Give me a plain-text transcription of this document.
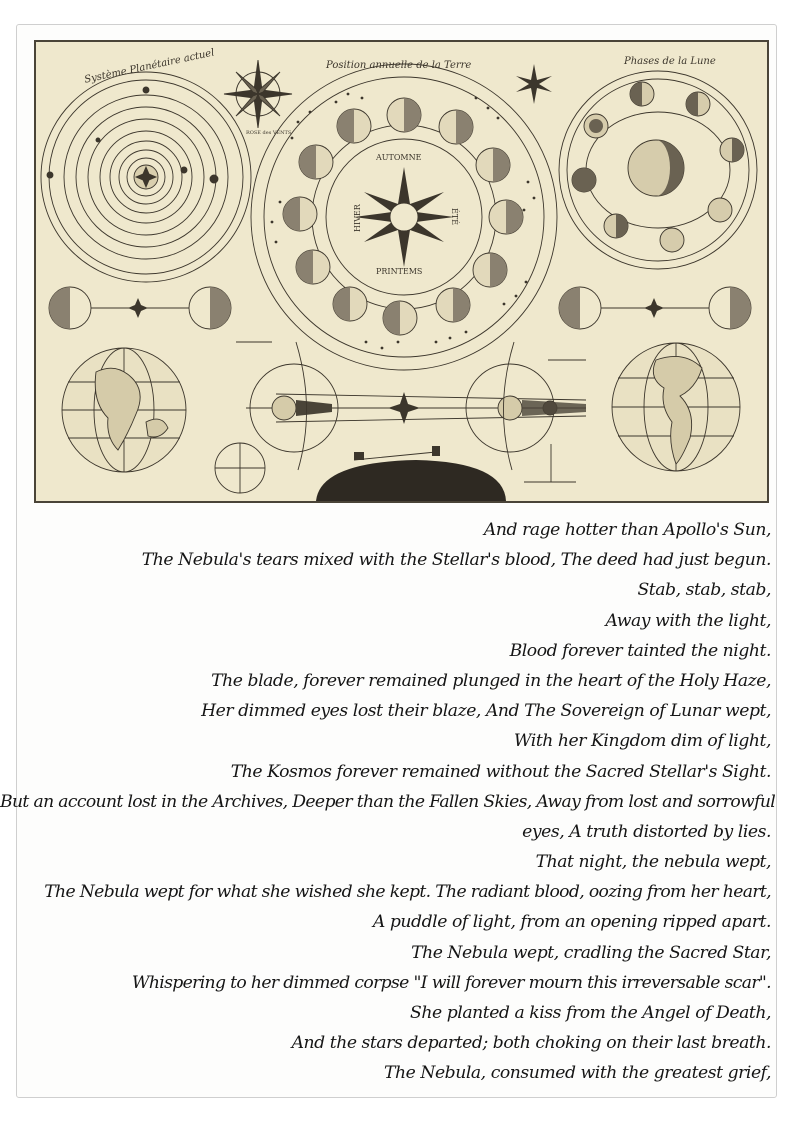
Système Planétaire actuel
ROSE des VENTS
AUTOMNE
HIVER	ÉTÉ
PRINTEMS
Position annuelle de la Terre	Phases de la Lune
And rage hotter than Apollo's Sun,
The Nebula's tears mixed with the Stellar's blood, The deed had just begun.
Stab, stab, stab,
Away with the light,
Blood forever tainted the night.
The blade, forever remained plunged in the heart of the Holy Haze,
Her dimmed eyes lost their blaze, And The Sovereign of Lunar wept,
With her Kingdom dim of light,
The Kosmos forever remained without the Sacred Stellar's Sight.
But an account lost in the Archives, Deeper than the Fallen Skies, Away from lost and sorrowful
eyes, A truth distorted by lies.
That night, the nebula wept,
The Nebula wept for what she wished she kept. The radiant blood, oozing from her heart,
A puddle of light, from an opening ripped apart.
The Nebula wept, cradling the Sacred Star,
Whispering to her dimmed corpse "I will forever mourn this irreversable scar".
She planted a kiss from the Angel of Death,
And the stars departed; both choking on their last breath.
The Nebula, consumed with the greatest grief,
